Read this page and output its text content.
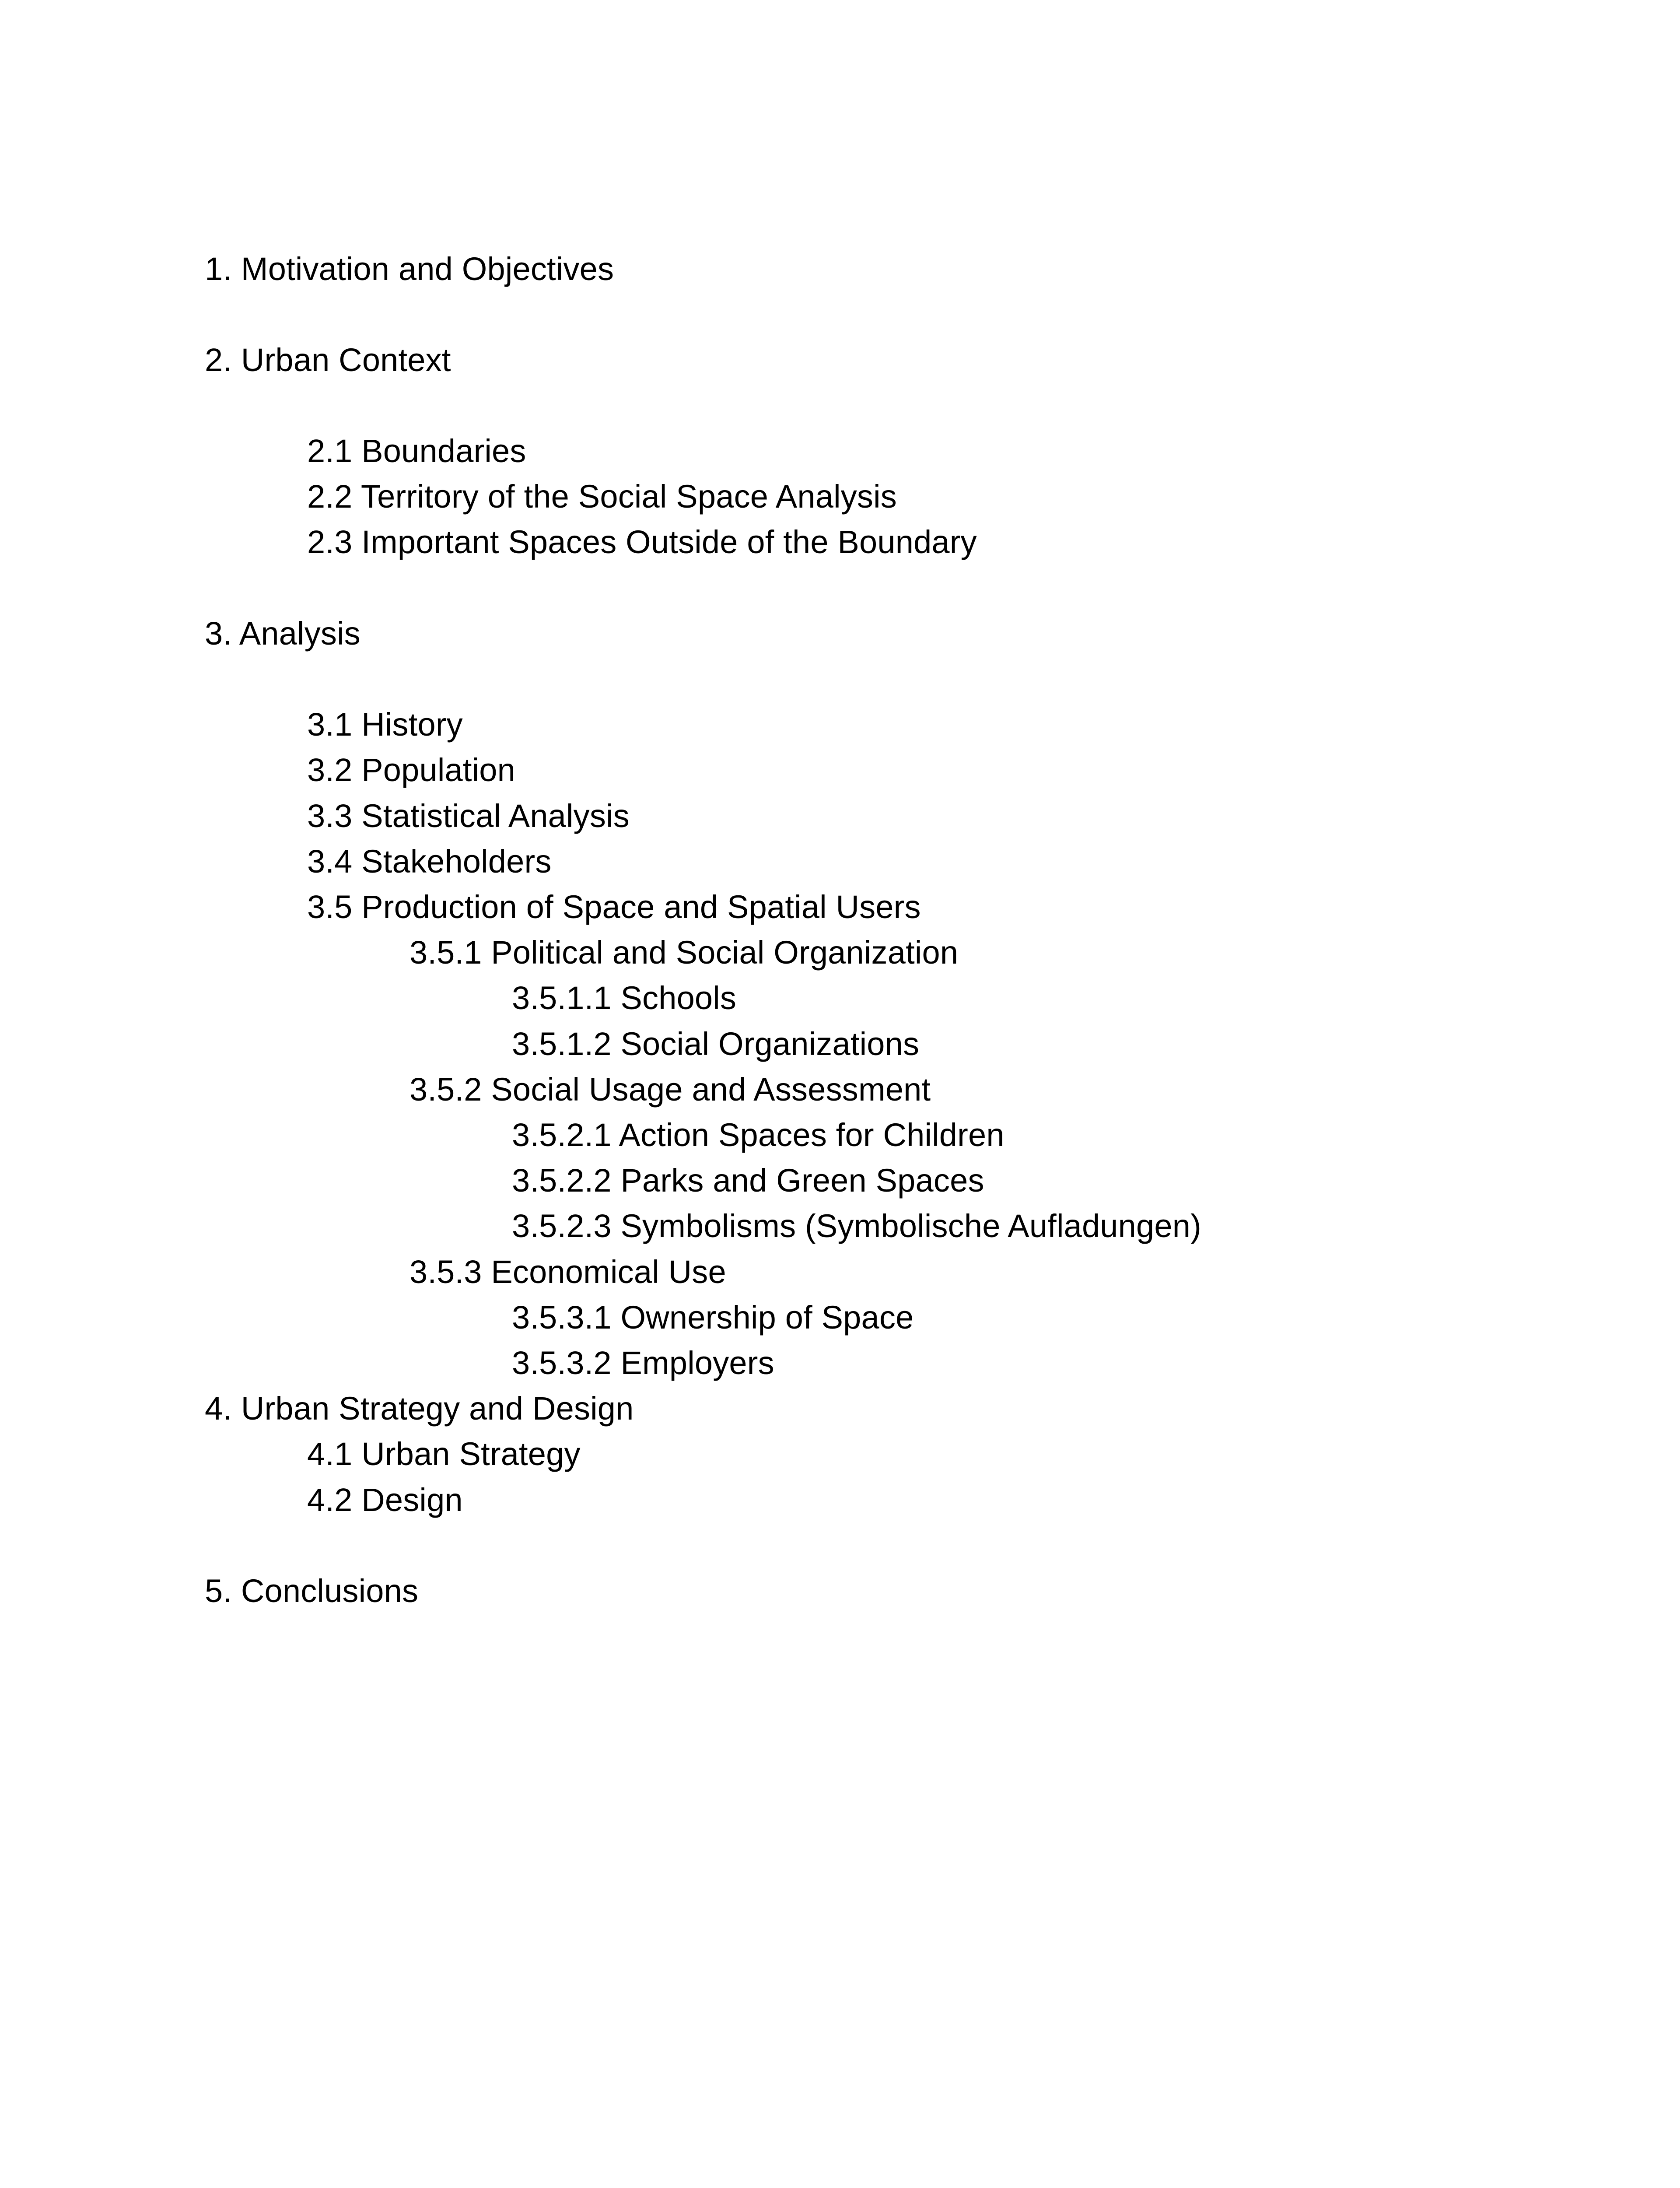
1. Motivation and Objectives
2. Urban Context
2.1 Boundaries
2.2 Territory of the Social Space Analysis
2.3 Important Spaces Outside of the Boundary
3. Analysis
3.1 History
3.2 Population
3.3 Statistical Analysis
3.4 Stakeholders
3.5 Production of Space and Spatial Users
3.5.1 Political and Social Organization
3.5.1.1 Schools
3.5.1.2 Social Organizations
3.5.2 Social Usage and Assessment
3.5.2.1 Action Spaces for Children
3.5.2.2 Parks and Green Spaces
3.5.2.3 Symbolisms (Symbolische Aufladungen)
3.5.3 Economical Use
3.5.3.1 Ownership of Space
3.5.3.2 Employers
4. Urban Strategy and Design
4.1 Urban Strategy
4.2 Design
5. Conclusions
